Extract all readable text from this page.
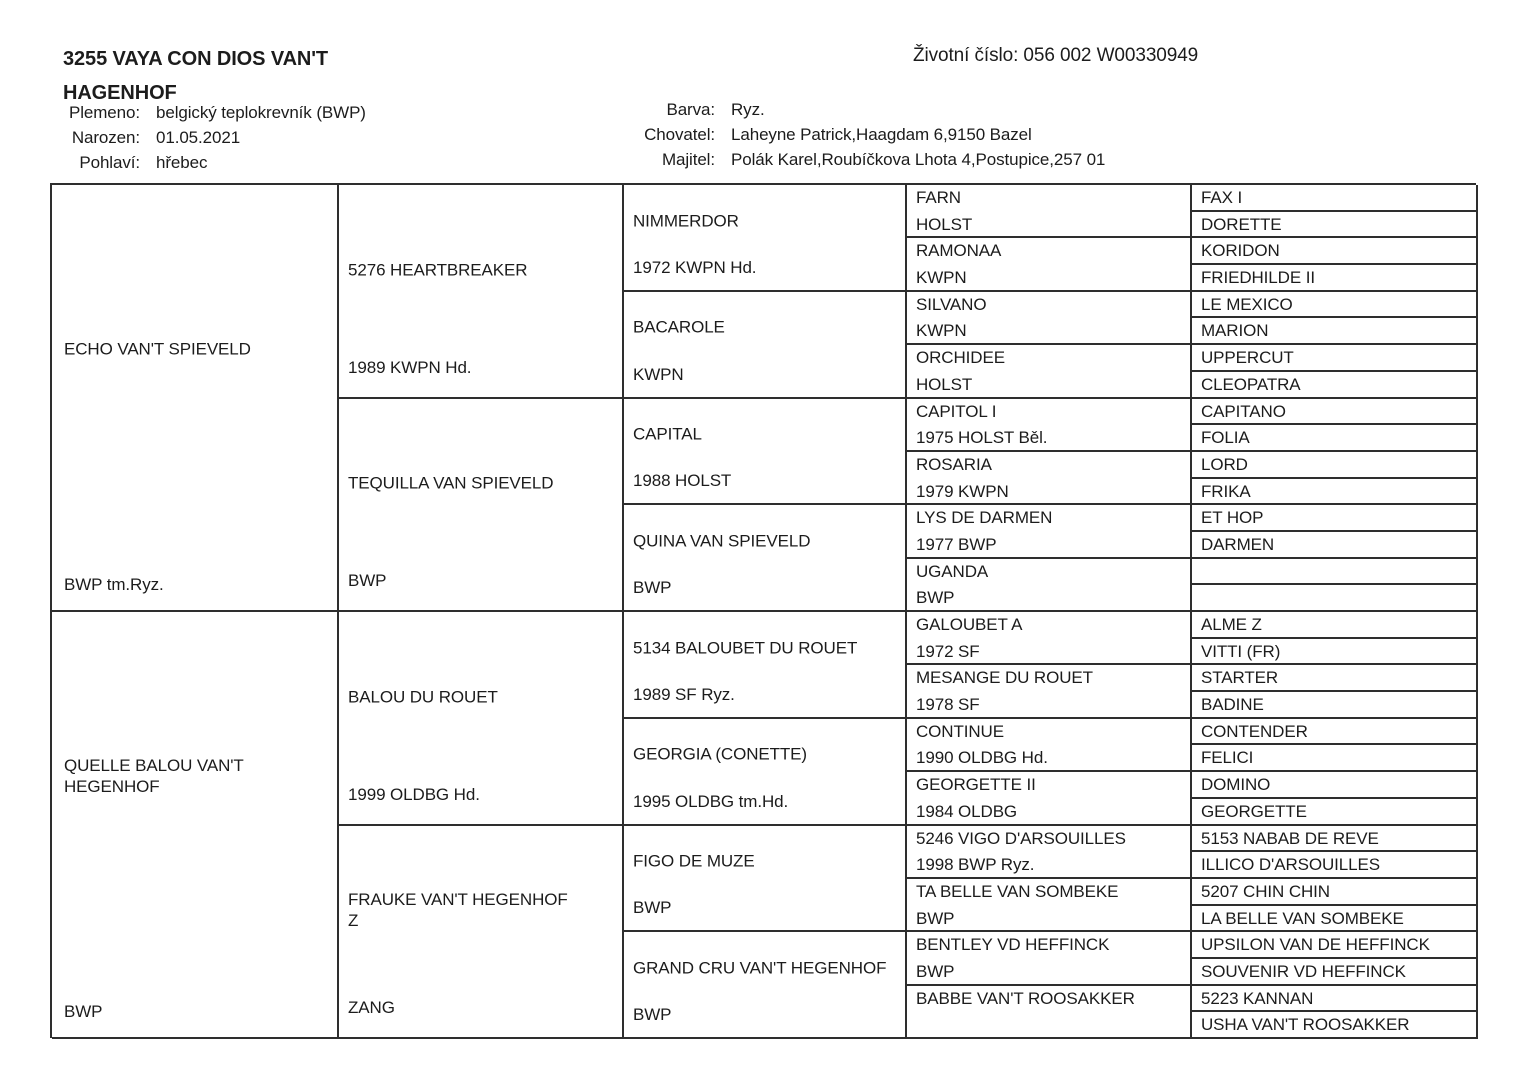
3255 VAYA CON DIOS VAN'T
HAGENHOF
Životní číslo: 056 002 W00330949
Plemeno: belgický teplokrevník (BWP)
Narozen: 01.05.2021
Pohlaví: hřebec
Barva: Ryz.
Chovatel: Laheyne Patrick,Haagdam 6,9150 Bazel
Majitel: Polák Karel,Roubíčkova Lhota 4,Postupice,257 01
ECHO VAN'T SPIEVELD
BWP tm.Ryz.
QUELLE BALOU VAN'T HEGENHOF
BWP
5276 HEARTBREAKER
1989 KWPN Hd.
TEQUILLA VAN SPIEVELD
BWP
BALOU DU ROUET
1999 OLDBG Hd.
FRAUKE VAN'T HEGENHOF Z
ZANG
NIMMERDOR
1972 KWPN Hd.
BACAROLE
KWPN
CAPITAL
1988 HOLST
QUINA VAN SPIEVELD
BWP
5134 BALOUBET DU ROUET
1989 SF Ryz.
GEORGIA (CONETTE)
1995 OLDBG tm.Hd.
FIGO DE MUZE
BWP
GRAND CRU VAN'T HEGENHOF
BWP
FARN
HOLST
RAMONAA
KWPN
SILVANO
KWPN
ORCHIDEE
HOLST
CAPITOL I
1975 HOLST Běl.
ROSARIA
1979 KWPN
LYS DE DARMEN
1977 BWP
UGANDA
BWP
GALOUBET A
1972 SF
MESANGE DU ROUET
1978 SF
CONTINUE
1990 OLDBG Hd.
GEORGETTE II
1984 OLDBG
5246 VIGO D'ARSOUILLES
1998 BWP Ryz.
TA BELLE VAN SOMBEKE
BWP
BENTLEY VD HEFFINCK
BWP
BABBE VAN'T ROOSAKKER
FAX I
DORETTE
KORIDON
FRIEDHILDE II
LE MEXICO
MARION
UPPERCUT
CLEOPATRA
CAPITANO
FOLIA
LORD
FRIKA
ET HOP
DARMEN
ALME Z
VITTI (FR)
STARTER
BADINE
CONTENDER
FELICI
DOMINO
GEORGETTE
5153 NABAB DE REVE
ILLICO D'ARSOUILLES
5207 CHIN CHIN
LA BELLE VAN SOMBEKE
UPSILON VAN DE HEFFINCK
SOUVENIR VD HEFFINCK
5223 KANNAN
USHA VAN'T ROOSAKKER
